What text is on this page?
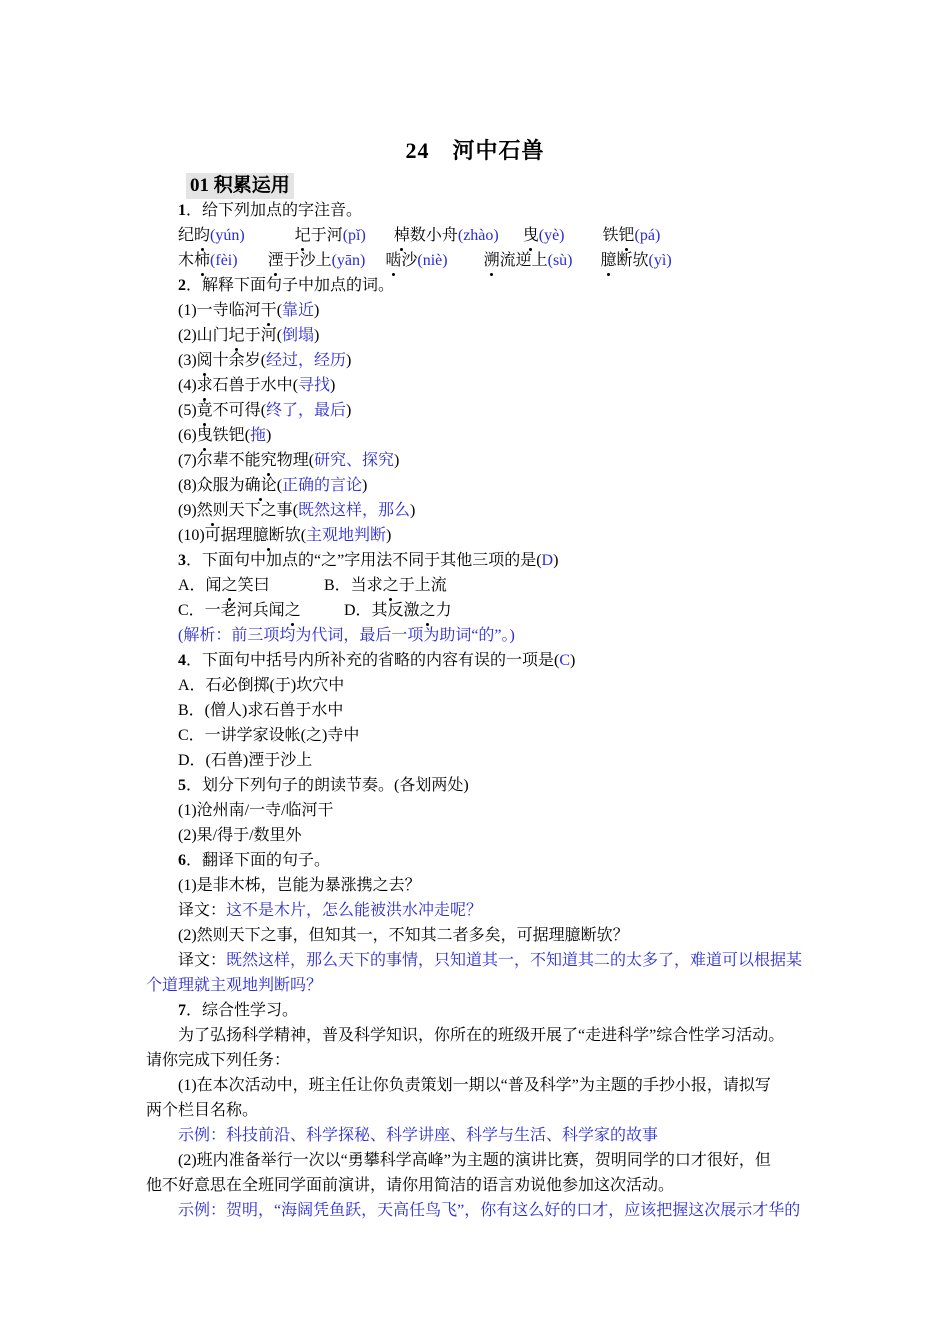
24　河中石兽
01 积累运用
1．给下列加点的字注音。
纪昀(yún)	圮于河(pǐ) 棹数小舟(zhào) 曳(yè) 铁钯(pá)
木柿(fèi) 湮于沙上(yān) 啮沙(niè) 溯流逆上(sù) 臆断欤(yì)
2．解释下面句子中加点的词。
(1)一寺临河干(靠近)
(2)山门圮于河(倒塌)
(3)阅十余岁(经过，经历)
(4)求石兽于水中(寻找)
(5)竟不可得(终了，最后)
(6)曳铁钯(拖)
(7)尔辈不能究物理(研究、探究)
(8)众服为确论(正确的言论)
(9)然则天下之事(既然这样，那么)
(10)可据理臆断欤(主观地判断)
3．下面句中加点的“之”字用法不同于其他三项的是(D)
A．闻之笑曰	B．当求之于上流
C．一老河兵闻之	D．其反激之力
(解析：前三项均为代词，最后一项为助词“的”。)
4．下面句中括号内所补充的省略的内容有误的一项是(C)
A．石必倒掷(于)坎穴中
B．(僧人)求石兽于水中
C．一讲学家设帐(之)寺中
D．(石兽)湮于沙上
5．划分下列句子的朗读节奏。(各划两处)
(1)沧州南/一寺/临河干
(2)果/得于/数里外
6．翻译下面的句子。
(1)是非木柹，岂能为暴涨携之去？
译文：这不是木片，怎么能被洪水冲走呢？
(2)然则天下之事，但知其一，不知其二者多矣，可据理臆断欤？
译文：既然这样，那么天下的事情，只知道其一，不知道其二的太多了，难道可以根据某
个道理就主观地判断吗？
7．综合性学习。
为了弘扬科学精神，普及科学知识，你所在的班级开展了“走进科学”综合性学习活动。
请你完成下列任务：
(1)在本次活动中，班主任让你负责策划一期以“普及科学”为主题的手抄小报，请拟写
两个栏目名称。
示例：科技前沿、科学探秘、科学讲座、科学与生活、科学家的故事
(2)班内准备举行一次以“勇攀科学高峰”为主题的演讲比赛，贺明同学的口才很好，但
他不好意思在全班同学面前演讲，请你用简洁的语言劝说他参加这次活动。
示例：贺明，“海阔凭鱼跃，天高任鸟飞”，你有这么好的口才，应该把握这次展示才华的
